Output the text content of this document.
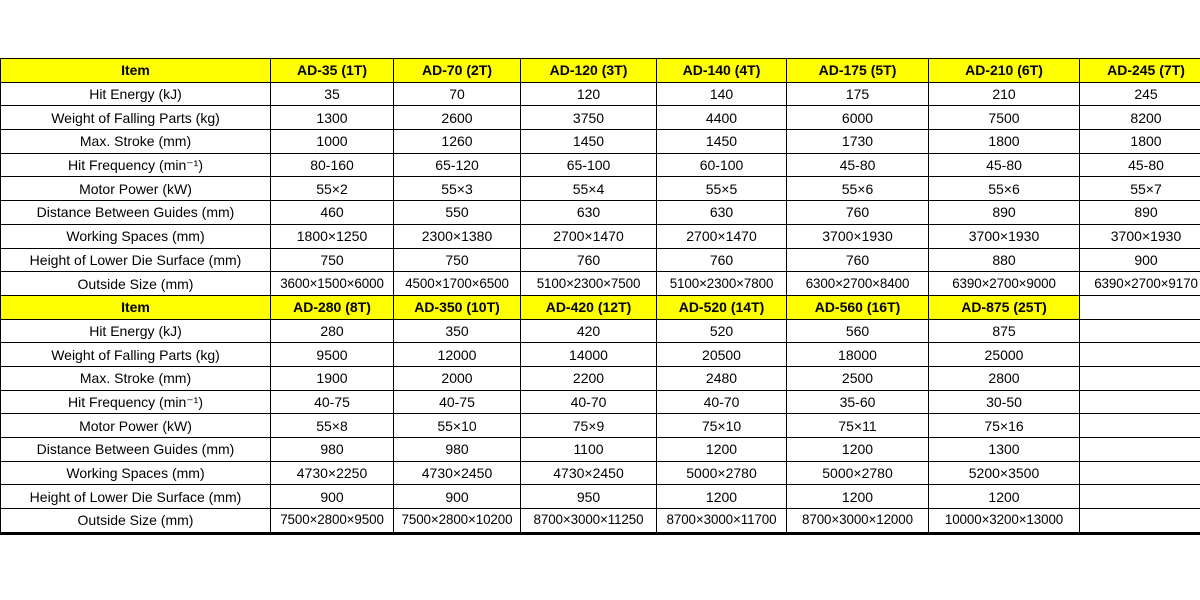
Item	AD-35 (1T)	AD-70 (2T)	AD-120 (3T)	AD-140 (4T)	AD-175 (5T)	AD-210 (6T)	AD-245 (7T)
Hit Energy (kJ)	35	70	120	140	175	210	245
Weight of Falling Parts (kg)	1300	2600	3750	4400	6000	7500	8200
Max. Stroke (mm)	1000	1260	1450	1450	1730	1800	1800
Hit Frequency (min⁻¹)	80-160	65-120	65-100	60-100	45-80	45-80	45-80
Motor Power (kW)	55×2	55×3	55×4	55×5	55×6	55×6	55×7
Distance Between Guides (mm)	460	550	630	630	760	890	890
Working Spaces (mm)	1800×1250	2300×1380	2700×1470	2700×1470	3700×1930	3700×1930	3700×1930
Height of Lower Die Surface (mm)	750	750	760	760	760	880	900
Outside Size (mm)	3600×1500×6000	4500×1700×6500	5100×2300×7500	5100×2300×7800	6300×2700×8400	6390×2700×9000	6390×2700×9170
Item	AD-280 (8T)	AD-350 (10T)	AD-420 (12T)	AD-520 (14T)	AD-560 (16T)	AD-875 (25T)	
Hit Energy (kJ)	280	350	420	520	560	875	
Weight of Falling Parts (kg)	9500	12000	14000	20500	18000	25000	
Max. Stroke (mm)	1900	2000	2200	2480	2500	2800	
Hit Frequency (min⁻¹)	40-75	40-75	40-70	40-70	35-60	30-50	
Motor Power (kW)	55×8	55×10	75×9	75×10	75×11	75×16	
Distance Between Guides (mm)	980	980	1100	1200	1200	1300	
Working Spaces (mm)	4730×2250	4730×2450	4730×2450	5000×2780	5000×2780	5200×3500	
Height of Lower Die Surface (mm)	900	900	950	1200	1200	1200	
Outside Size (mm)	7500×2800×9500	7500×2800×10200	8700×3000×11250	8700×3000×11700	8700×3000×12000	10000×3200×13000	
